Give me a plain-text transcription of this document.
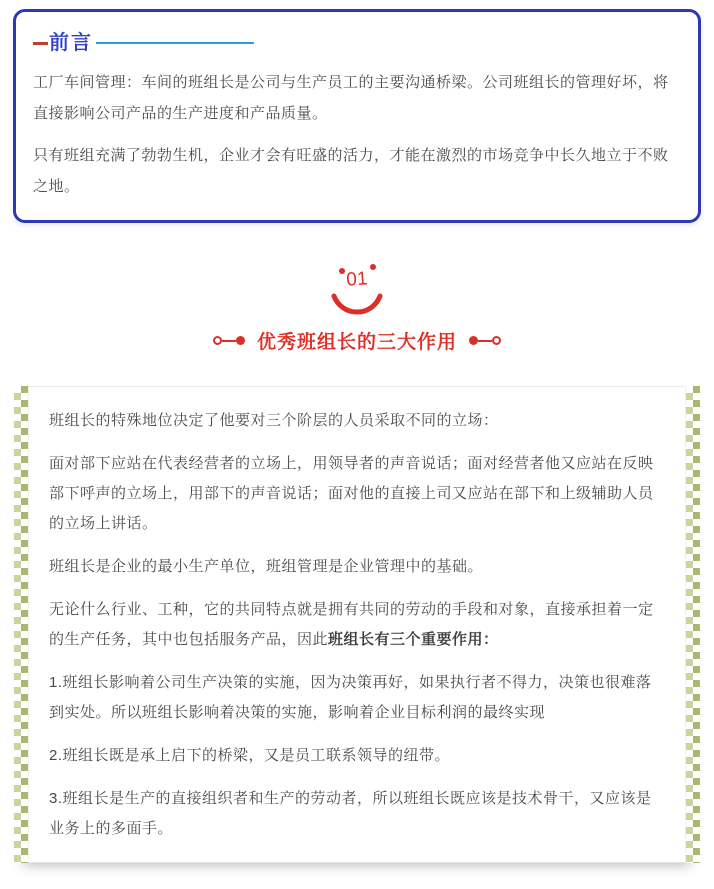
前言

工厂车间管理：车间的班组长是公司与生产员工的主要沟通桥梁。公司班组长的管理好坏，将直接影响公司产品的生产进度和产品质量。

只有班组充满了勃勃生机，企业才会有旺盛的活力，才能在激烈的市场竞争中长久地立于不败之地。

01
优秀班组长的三大作用

班组长的特殊地位决定了他要对三个阶层的人员采取不同的立场：

面对部下应站在代表经营者的立场上，用领导者的声音说话；面对经营者他又应站在反映部下呼声的立场上，用部下的声音说话；面对他的直接上司又应站在部下和上级辅助人员的立场上讲话。

班组长是企业的最小生产单位，班组管理是企业管理中的基础。

无论什么行业、工种，它的共同特点就是拥有共同的劳动的手段和对象，直接承担着一定的生产任务，其中也包括服务产品，因此班组长有三个重要作用：

1.班组长影响着公司生产决策的实施，因为决策再好，如果执行者不得力，决策也很难落到实处。所以班组长影响着决策的实施，影响着企业目标利润的最终实现

2.班组长既是承上启下的桥梁，又是员工联系领导的纽带。

3.班组长是生产的直接组织者和生产的劳动者，所以班组长既应该是技术骨干，又应该是业务上的多面手。
